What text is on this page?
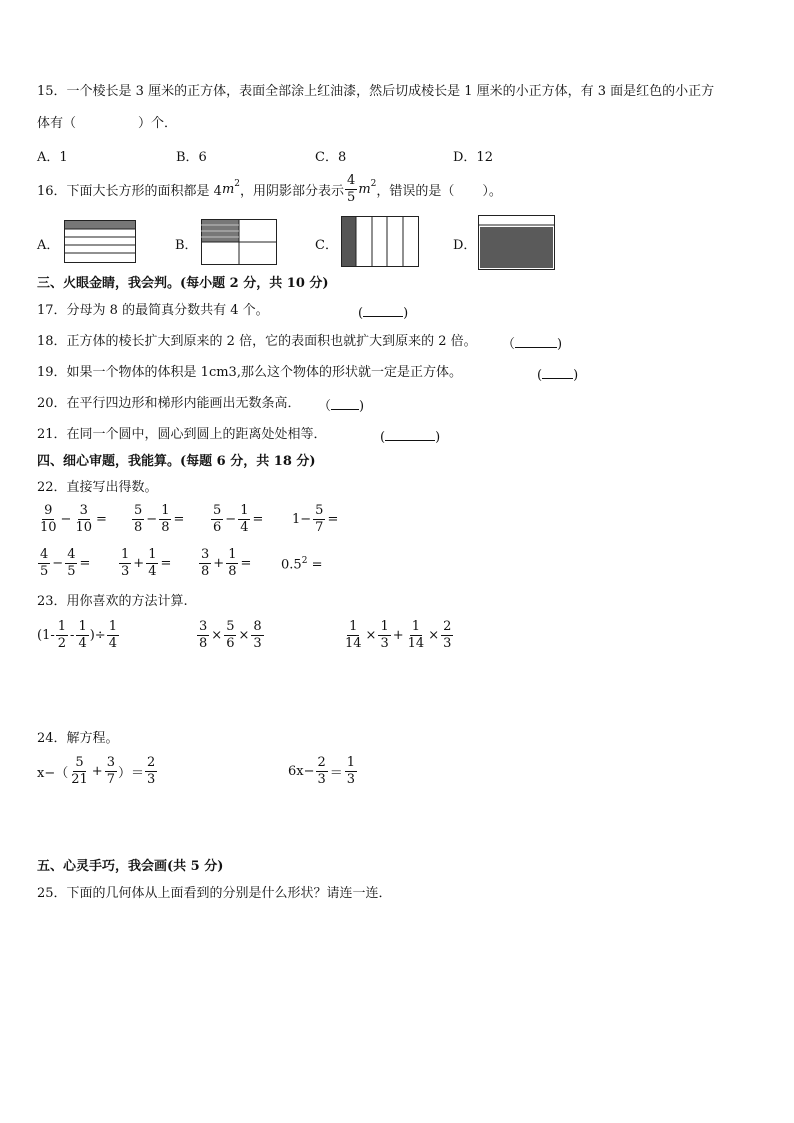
15．一个棱长是 3 厘米的正方体，表面全部涂上红油漆，然后切成棱长是 1 厘米的小正方体，有 3 面是红色的小正方
体有（	）个．
A．1	B．6	C．8	D．12
16．下面大长方形的面积都是 4 $m^2$ ，用阴影部分表示 $\frac{4}{5} m^2$ ，错误的是（ ）。
A．	B．	C．	D．
三、火眼金睛，我会判。(每小题 2 分，共 10 分)
17．分母为 8 的最简真分数共有 4 个。	(	)
18．正方体的棱长扩大到原来的 2 倍，它的表面积也就扩大到原来的 2 倍。 （	)
19．如果一个物体的体积是 1cm3,那么这个物体的形状就一定是正方体。	( )
20．在平行四边形和梯形内能画出无数条高． （ )
21．在同一个圆中，圆心到圆上的距离处处相等．	(	)
四、细心审题，我能算。(每题 6 分，共 18 分)
22．直接写出得数。
$\frac{9}{10} - \frac{3}{10} = \frac{5}{8} - \frac{1}{8} = \frac{5}{6} - \frac{1}{4} = 1- \frac{5}{7}$ =
$\frac{4}{5} - \frac{4}{5} = \frac{1}{3} + \frac{1}{4} = \frac{3}{8} + \frac{1}{8} = 0.5^2$ =
23．用你喜欢的方法计算.
($1- \frac{1}{2} - \frac{1}{4}$ )÷ $\frac{1}{4}$	$\frac{3}{8} \times \frac{5}{6} \times \frac{8}{3}$	$\frac{1}{14} \times \frac{1}{3} + \frac{1}{14} \times \frac{2}{3}$
24．解方程。
$x-( \frac{5}{21} + \frac{3}{7}$ ）＝ $\frac{2}{3}$	$6x- \frac{2}{3} = \frac{1}{3}$
五、心灵手巧，我会画(共 5 分)
25．下面的几何体从上面看到的分别是什么形状？请连一连．
